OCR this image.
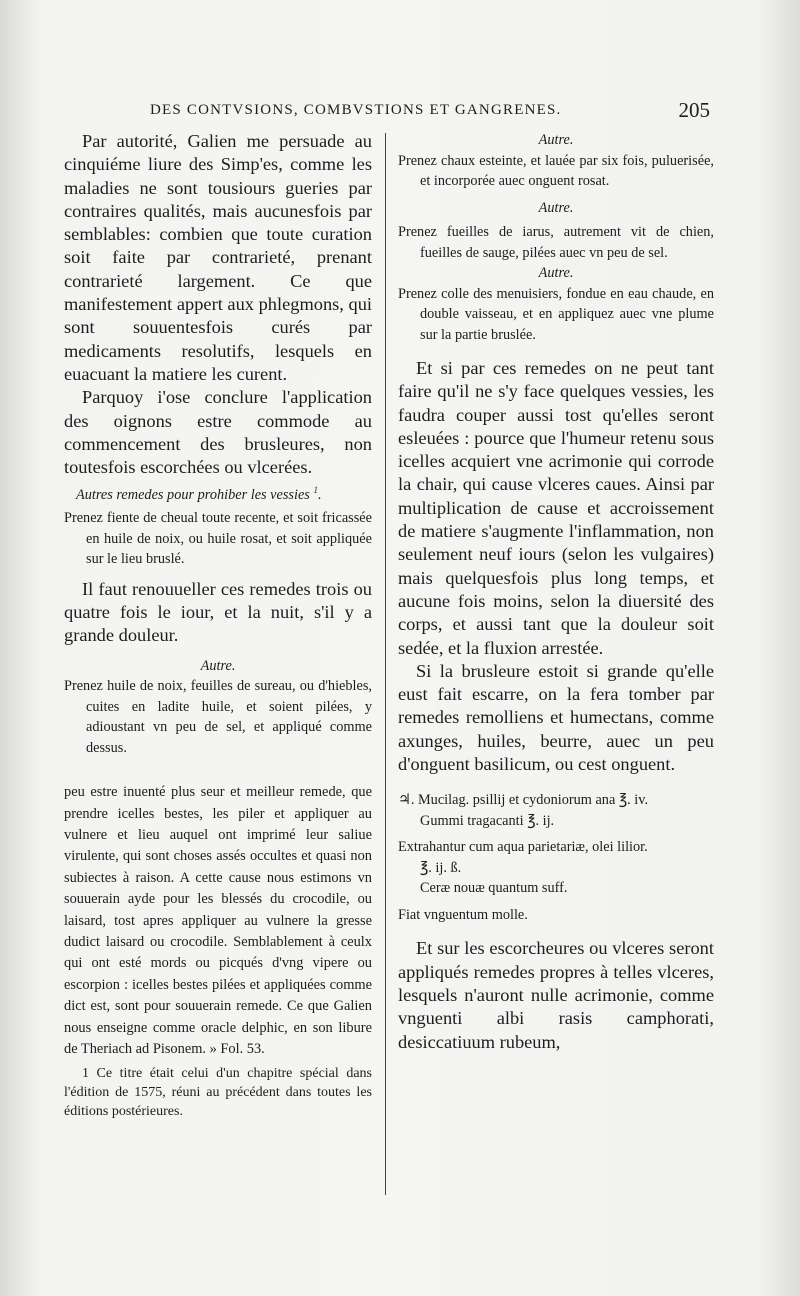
DES CONTVSIONS, COMBVSTIONS ET GANGRENES.	205

Par autorité, Galien me persuade au cinquiéme liure des Simp'es, comme les maladies ne sont tousiours gueries par contraires qualités, mais aucunesfois par semblables: combien que toute curation soit faite par contrarieté, prenant contrarieté largement. Ce que manifestement appert aux phlegmons, qui sont souuentesfois curés par medicaments resolutifs, lesquels en euacuant la matiere les curent.

Parquoy i'ose conclure l'application des oignons estre commode au commencement des brusleures, non toutesfois escorchées ou vlcerées.

Autres remedes pour prohiber les vessies $^1$.

Prenez fiente de cheual toute recente, et soit fricassée en huile de noix, ou huile rosat, et soit appliquée sur le lieu bruslé.

Il faut renouueller ces remedes trois ou quatre fois le iour, et la nuit, s'il y a grande douleur.

Autre.

Prenez huile de noix, feuilles de sureau, ou d'hiebles, cuites en ladite huile, et soient pilées, y adioustant vn peu de sel, et appliqué comme dessus.

peu estre inuenté plus seur et meilleur remede, que prendre icelles bestes, les piler et appliquer au vulnere et lieu auquel ont imprimé leur saliue virulente, qui sont choses assés occultes et quasi non subiectes à raison. A cette cause nous estimons vn souuerain ayde pour les blessés du crocodile, ou laisard, tost apres appliquer au vulnere la gresse dudict laisard ou crocodile. Semblablement à ceulx qui ont esté mords ou picqués d'vng vipere ou escorpion : icelles bestes pilées et appliquées comme dict est, sont pour souuerain remede. Ce que Galien nous enseigne comme oracle delphic, en son libure de Theriach ad Pisonem. » Fol. 53.

1 Ce titre était celui d'un chapitre spécial dans l'édition de 1575, réuni au précédent dans toutes les éditions postérieures.

Autre.

Prenez chaux esteinte, et lauée par six fois, puluerisée, et incorporée auec onguent rosat.

Autre.

Prenez fueilles de iarus, autrement vit de chien, fueilles de sauge, pilées auec vn peu de sel.

Autre.

Prenez colle des menuisiers, fondue en eau chaude, en double vaisseau, et en appliquez auec vne plume sur la partie bruslée.

Et si par ces remedes on ne peut tant faire qu'il ne s'y face quelques vessies, les faudra couper aussi tost qu'elles seront esleuées : pource que l'humeur retenu sous icelles acquiert vne acrimonie qui corrode la chair, qui cause vlceres caues. Ainsi par multiplication de cause et accroissement de matiere s'augmente l'inflammation, non seulement neuf iours (selon les vulgaires) mais quelquesfois plus long temps, et aucune fois moins, selon la diuersité des corps, et aussi tant que la douleur soit sedée, et la fluxion arrestée.

Si la brusleure estoit si grande qu'elle eust fait escarre, on la fera tomber par remedes remolliens et humectans, comme axunges, huiles, beurre, auec un peu d'onguent basilicum, ou cest onguent.

♃. Mucilag. psillij et cydoniorum ana ℥. iv.

Gummi tragacanti ℥. ij.

Extrahantur cum aqua parietariæ, olei lilior.

℥. ij. ß.

Ceræ nouæ quantum suff.

Fiat vnguentum molle.

Et sur les escorcheures ou vlceres seront appliqués remedes propres à telles vlceres, lesquels n'auront nulle acrimonie, comme vnguenti albi rasis camphorati, desiccatiuum rubeum,
